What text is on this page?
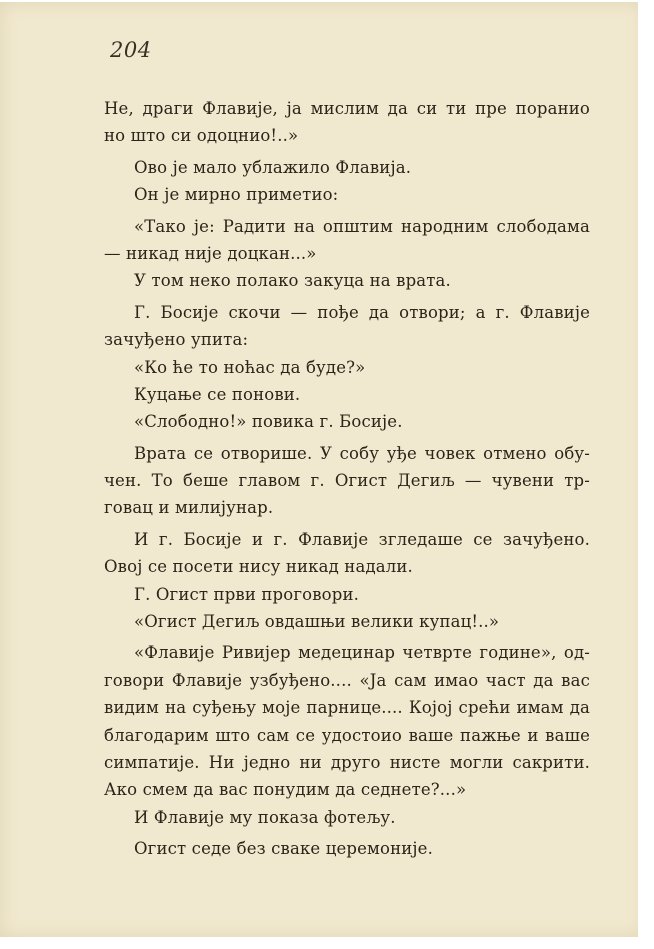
204
Не, драги Флавије, ја мислим да си ти пре поранио
но што си одоцнио!..»
Ово је мало ублажило Флавија.
Он је мирно приметио:
«Тако је: Радити на општим народним слободама
— никад није доцкан...»
У том неко полако закуца на врата.
Г. Босије скочи — пође да отвори; а г. Флавије
зачуђено упита:
«Ко ће то ноћас да буде?»
Куцање се понови.
«Слободно!» повика г. Босије.
Врата се отворише. У собу уђе човек отмено обу-
чен. То беше главом г. Огист Дегиљ — чувени тр-
говац и милијунар.
И г. Босије и г. Флавије згледаше се зачуђено.
Овој се посети нису никад надали.
Г. Огист први проговори.
«Огист Дегиљ овдашњи велики купац!..»
«Флавије Ривијер медецинар четврте године», од-
говори Флавије узбуђено.... «Ја сам имао част да вас
видим на суђењу моје парнице.... Којој срећи имам да
благодарим што сам се удостоио ваше пажње и ваше
симпатије. Ни једно ни друго нисте могли сакрити.
Ако смем да вас понудим да седнете?...»
И Флавије му показа фотељу.
Огист седе без сваке церемоније.
